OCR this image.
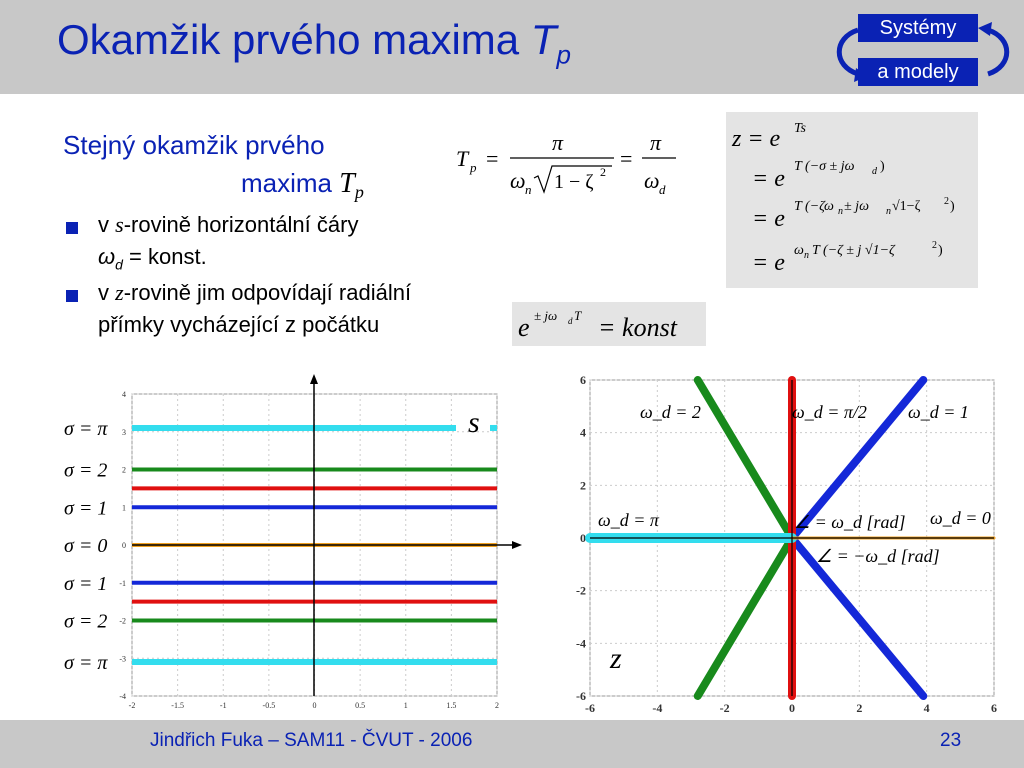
Okamžik prvého maxima $T_p$
Systémy
a modely
Stejný okamžik prvého
maxima $T_p$
v s-rovině horizontální čáry
$\omega_d$ = konst.
v z-rovině jim odpovídají radiální
přímky vycházející z počátku
T p =
π
ω n 1 − ζ 2
=
π
ω d
z = e Ts
= e T (−σ ± jω d )
= e T (−ζω n ± jω n √1−ζ 2 )
= e ω n T (−ζ ± j √1−ζ	2 )
e ± jω d T = konst
-2
4
-1.5
3
-1
2
-0.5
1
0
0
0.5
-1
1
-2
1.5
-3
2
-4
s
σ = π
σ = 2
σ = 1
σ = 0
σ = 1
σ = 2
σ = π
-6	-4	-2	0	2	4	6
6
4
2
0
-2
-4
-6
z
ω_d = 2	ω_d = π/2 ω_d = 1
ω_d = π	ω_d = 0
∠ = ω_d [rad]
∠ = −ω_d [rad]
Jindřich Fuka – SAM11 - ČVUT - 2006	23
